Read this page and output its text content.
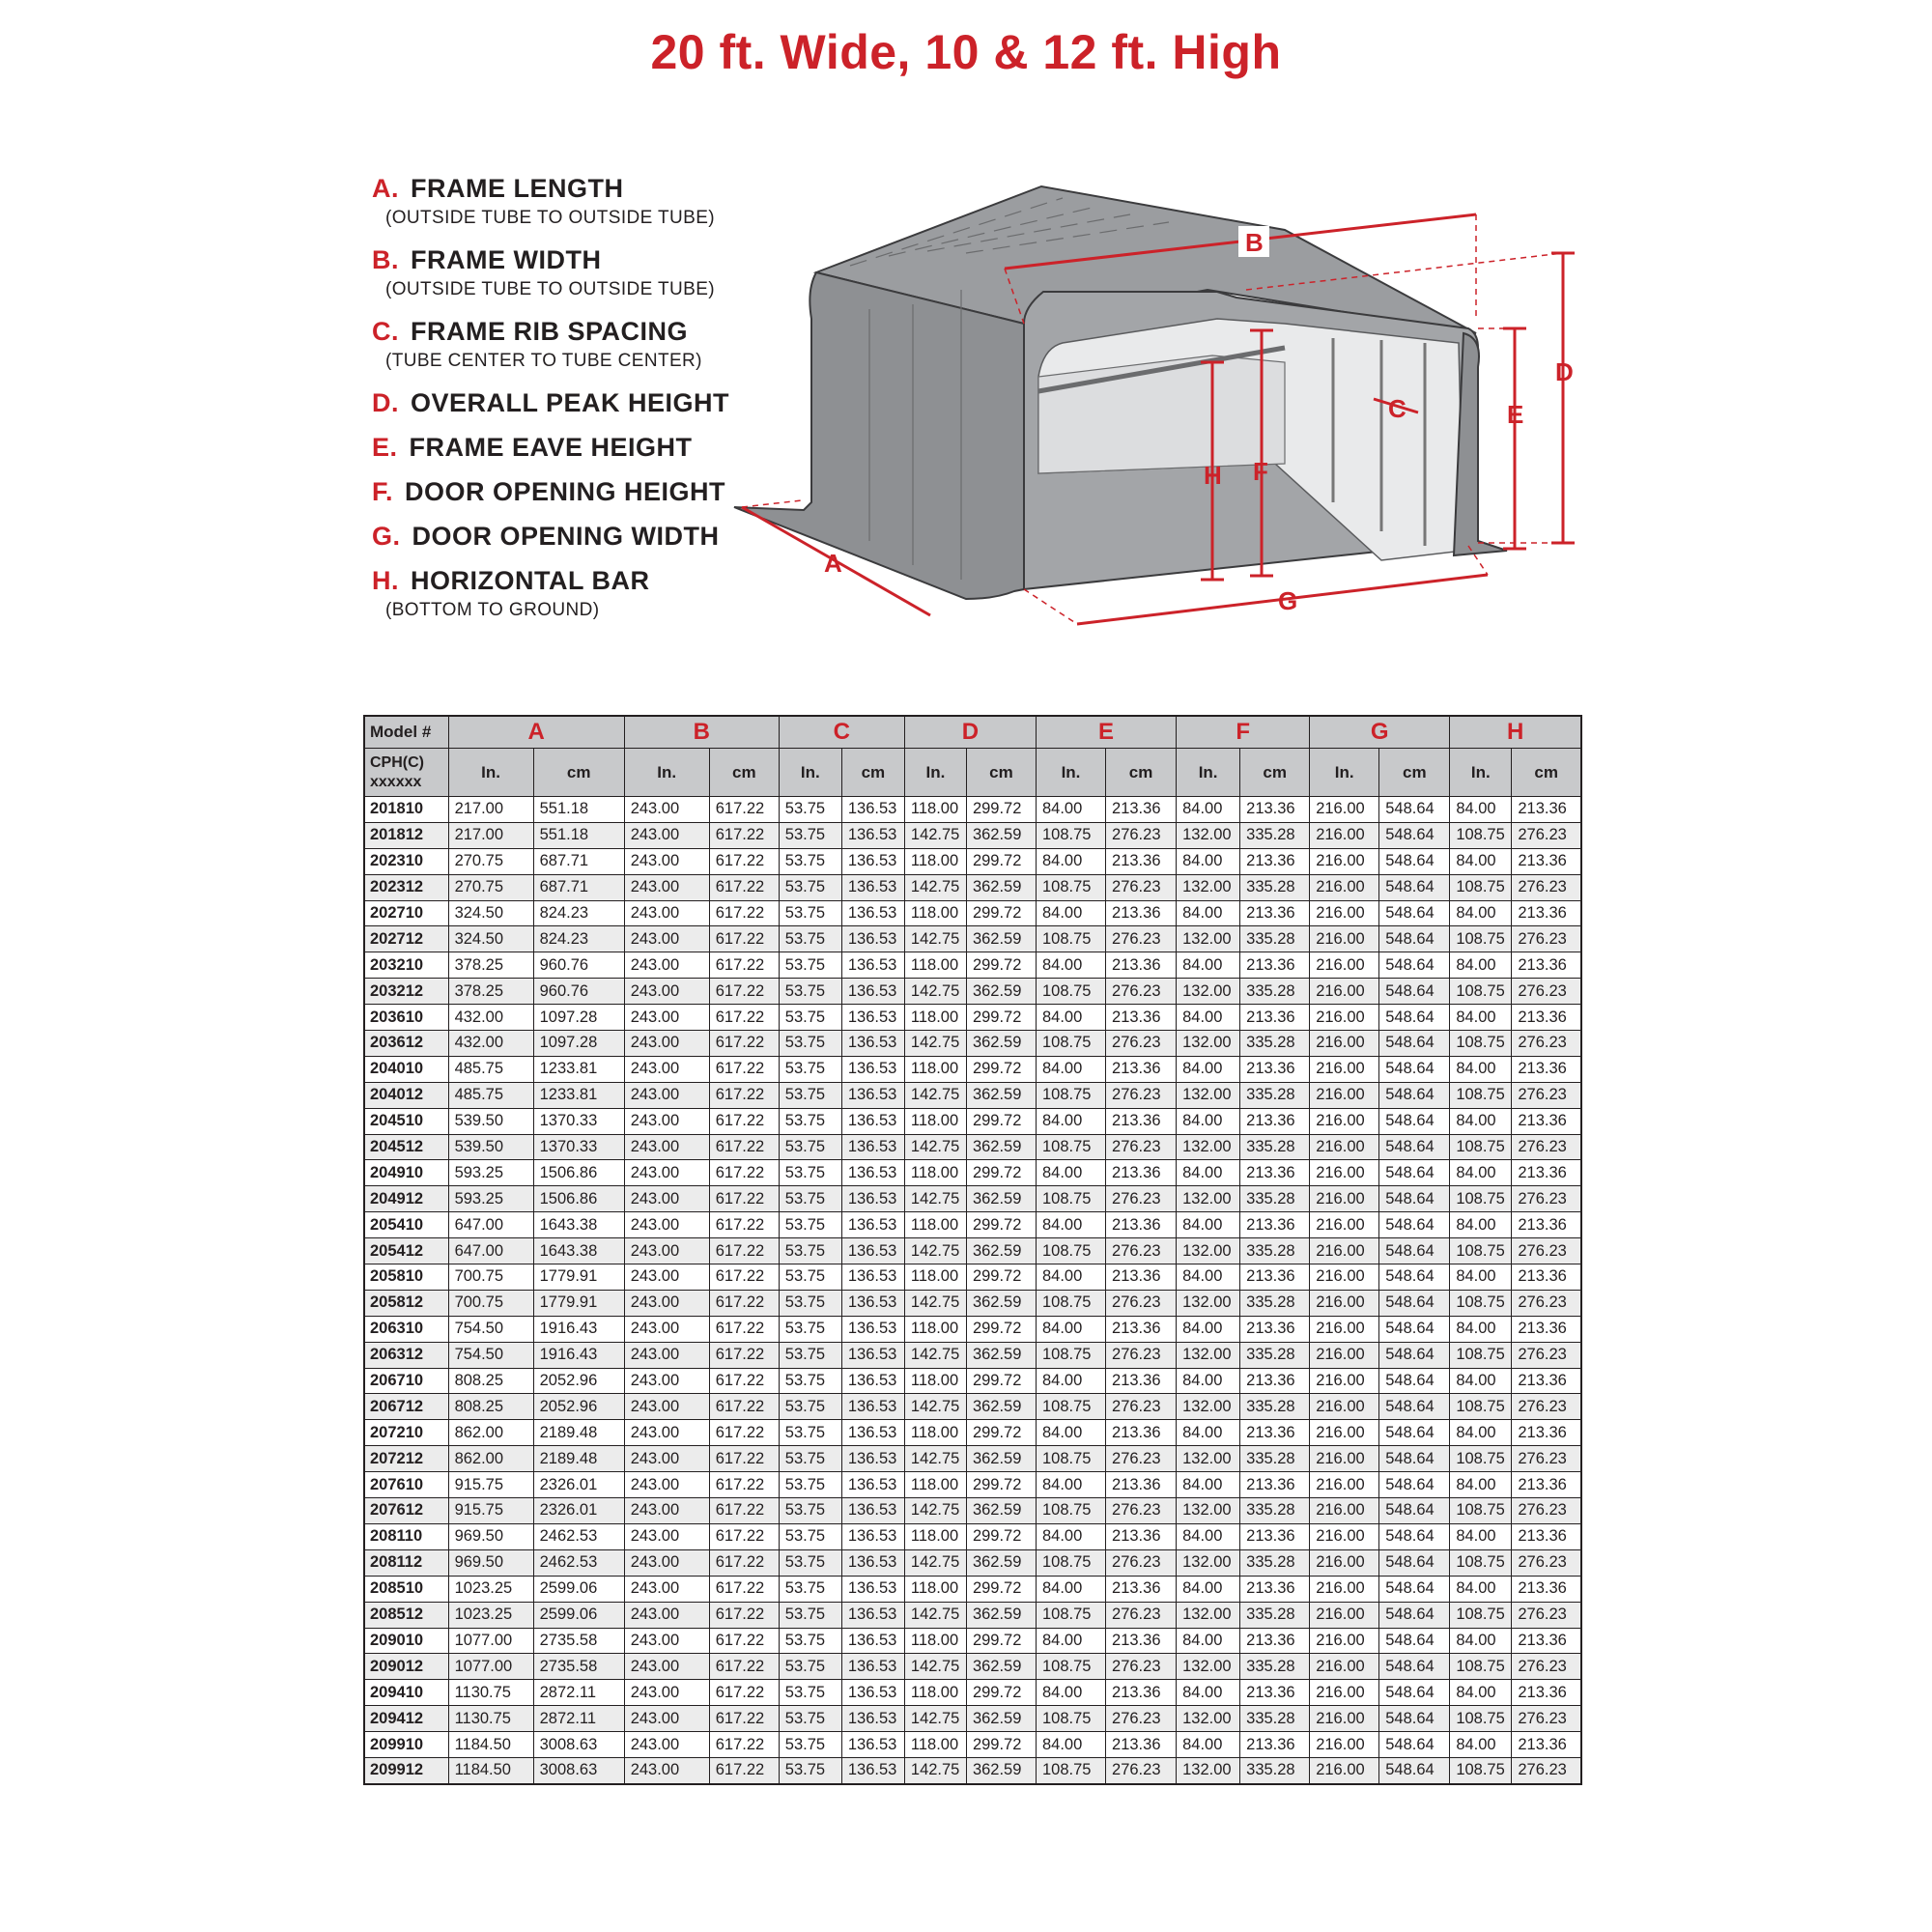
20 ft. Wide, 10 & 12 ft. High
A. FRAME LENGTH
(OUTSIDE TUBE TO OUTSIDE TUBE)
B. FRAME WIDTH
(OUTSIDE TUBE TO OUTSIDE TUBE)
C. FRAME RIB SPACING
(TUBE CENTER TO TUBE CENTER)
D. OVERALL PEAK HEIGHT
E. FRAME EAVE HEIGHT
F. DOOR OPENING HEIGHT
G. DOOR OPENING WIDTH
H. HORIZONTAL BAR
(BOTTOM TO GROUND)
A
B
C
D
E
F
G
H
Model #	A		B		C		D		E		F		G		H	
CPH(C)
xxxxxx	In.	cm	In.	cm	In.	cm	In.	cm	In.	cm	In.	cm	In.	cm	In.	cm
201810	217.00	551.18	243.00	617.22	53.75	136.53	118.00	299.72	84.00	213.36	84.00	213.36	216.00	548.64	84.00	213.36
201812	217.00	551.18	243.00	617.22	53.75	136.53	142.75	362.59	108.75	276.23	132.00	335.28	216.00	548.64	108.75	276.23
202310	270.75	687.71	243.00	617.22	53.75	136.53	118.00	299.72	84.00	213.36	84.00	213.36	216.00	548.64	84.00	213.36
202312	270.75	687.71	243.00	617.22	53.75	136.53	142.75	362.59	108.75	276.23	132.00	335.28	216.00	548.64	108.75	276.23
202710	324.50	824.23	243.00	617.22	53.75	136.53	118.00	299.72	84.00	213.36	84.00	213.36	216.00	548.64	84.00	213.36
202712	324.50	824.23	243.00	617.22	53.75	136.53	142.75	362.59	108.75	276.23	132.00	335.28	216.00	548.64	108.75	276.23
203210	378.25	960.76	243.00	617.22	53.75	136.53	118.00	299.72	84.00	213.36	84.00	213.36	216.00	548.64	84.00	213.36
203212	378.25	960.76	243.00	617.22	53.75	136.53	142.75	362.59	108.75	276.23	132.00	335.28	216.00	548.64	108.75	276.23
203610	432.00	1097.28	243.00	617.22	53.75	136.53	118.00	299.72	84.00	213.36	84.00	213.36	216.00	548.64	84.00	213.36
203612	432.00	1097.28	243.00	617.22	53.75	136.53	142.75	362.59	108.75	276.23	132.00	335.28	216.00	548.64	108.75	276.23
204010	485.75	1233.81	243.00	617.22	53.75	136.53	118.00	299.72	84.00	213.36	84.00	213.36	216.00	548.64	84.00	213.36
204012	485.75	1233.81	243.00	617.22	53.75	136.53	142.75	362.59	108.75	276.23	132.00	335.28	216.00	548.64	108.75	276.23
204510	539.50	1370.33	243.00	617.22	53.75	136.53	118.00	299.72	84.00	213.36	84.00	213.36	216.00	548.64	84.00	213.36
204512	539.50	1370.33	243.00	617.22	53.75	136.53	142.75	362.59	108.75	276.23	132.00	335.28	216.00	548.64	108.75	276.23
204910	593.25	1506.86	243.00	617.22	53.75	136.53	118.00	299.72	84.00	213.36	84.00	213.36	216.00	548.64	84.00	213.36
204912	593.25	1506.86	243.00	617.22	53.75	136.53	142.75	362.59	108.75	276.23	132.00	335.28	216.00	548.64	108.75	276.23
205410	647.00	1643.38	243.00	617.22	53.75	136.53	118.00	299.72	84.00	213.36	84.00	213.36	216.00	548.64	84.00	213.36
205412	647.00	1643.38	243.00	617.22	53.75	136.53	142.75	362.59	108.75	276.23	132.00	335.28	216.00	548.64	108.75	276.23
205810	700.75	1779.91	243.00	617.22	53.75	136.53	118.00	299.72	84.00	213.36	84.00	213.36	216.00	548.64	84.00	213.36
205812	700.75	1779.91	243.00	617.22	53.75	136.53	142.75	362.59	108.75	276.23	132.00	335.28	216.00	548.64	108.75	276.23
206310	754.50	1916.43	243.00	617.22	53.75	136.53	118.00	299.72	84.00	213.36	84.00	213.36	216.00	548.64	84.00	213.36
206312	754.50	1916.43	243.00	617.22	53.75	136.53	142.75	362.59	108.75	276.23	132.00	335.28	216.00	548.64	108.75	276.23
206710	808.25	2052.96	243.00	617.22	53.75	136.53	118.00	299.72	84.00	213.36	84.00	213.36	216.00	548.64	84.00	213.36
206712	808.25	2052.96	243.00	617.22	53.75	136.53	142.75	362.59	108.75	276.23	132.00	335.28	216.00	548.64	108.75	276.23
207210	862.00	2189.48	243.00	617.22	53.75	136.53	118.00	299.72	84.00	213.36	84.00	213.36	216.00	548.64	84.00	213.36
207212	862.00	2189.48	243.00	617.22	53.75	136.53	142.75	362.59	108.75	276.23	132.00	335.28	216.00	548.64	108.75	276.23
207610	915.75	2326.01	243.00	617.22	53.75	136.53	118.00	299.72	84.00	213.36	84.00	213.36	216.00	548.64	84.00	213.36
207612	915.75	2326.01	243.00	617.22	53.75	136.53	142.75	362.59	108.75	276.23	132.00	335.28	216.00	548.64	108.75	276.23
208110	969.50	2462.53	243.00	617.22	53.75	136.53	118.00	299.72	84.00	213.36	84.00	213.36	216.00	548.64	84.00	213.36
208112	969.50	2462.53	243.00	617.22	53.75	136.53	142.75	362.59	108.75	276.23	132.00	335.28	216.00	548.64	108.75	276.23
208510	1023.25	2599.06	243.00	617.22	53.75	136.53	118.00	299.72	84.00	213.36	84.00	213.36	216.00	548.64	84.00	213.36
208512	1023.25	2599.06	243.00	617.22	53.75	136.53	142.75	362.59	108.75	276.23	132.00	335.28	216.00	548.64	108.75	276.23
209010	1077.00	2735.58	243.00	617.22	53.75	136.53	118.00	299.72	84.00	213.36	84.00	213.36	216.00	548.64	84.00	213.36
209012	1077.00	2735.58	243.00	617.22	53.75	136.53	142.75	362.59	108.75	276.23	132.00	335.28	216.00	548.64	108.75	276.23
209410	1130.75	2872.11	243.00	617.22	53.75	136.53	118.00	299.72	84.00	213.36	84.00	213.36	216.00	548.64	84.00	213.36
209412	1130.75	2872.11	243.00	617.22	53.75	136.53	142.75	362.59	108.75	276.23	132.00	335.28	216.00	548.64	108.75	276.23
209910	1184.50	3008.63	243.00	617.22	53.75	136.53	118.00	299.72	84.00	213.36	84.00	213.36	216.00	548.64	84.00	213.36
209912	1184.50	3008.63	243.00	617.22	53.75	136.53	142.75	362.59	108.75	276.23	132.00	335.28	216.00	548.64	108.75	276.23
